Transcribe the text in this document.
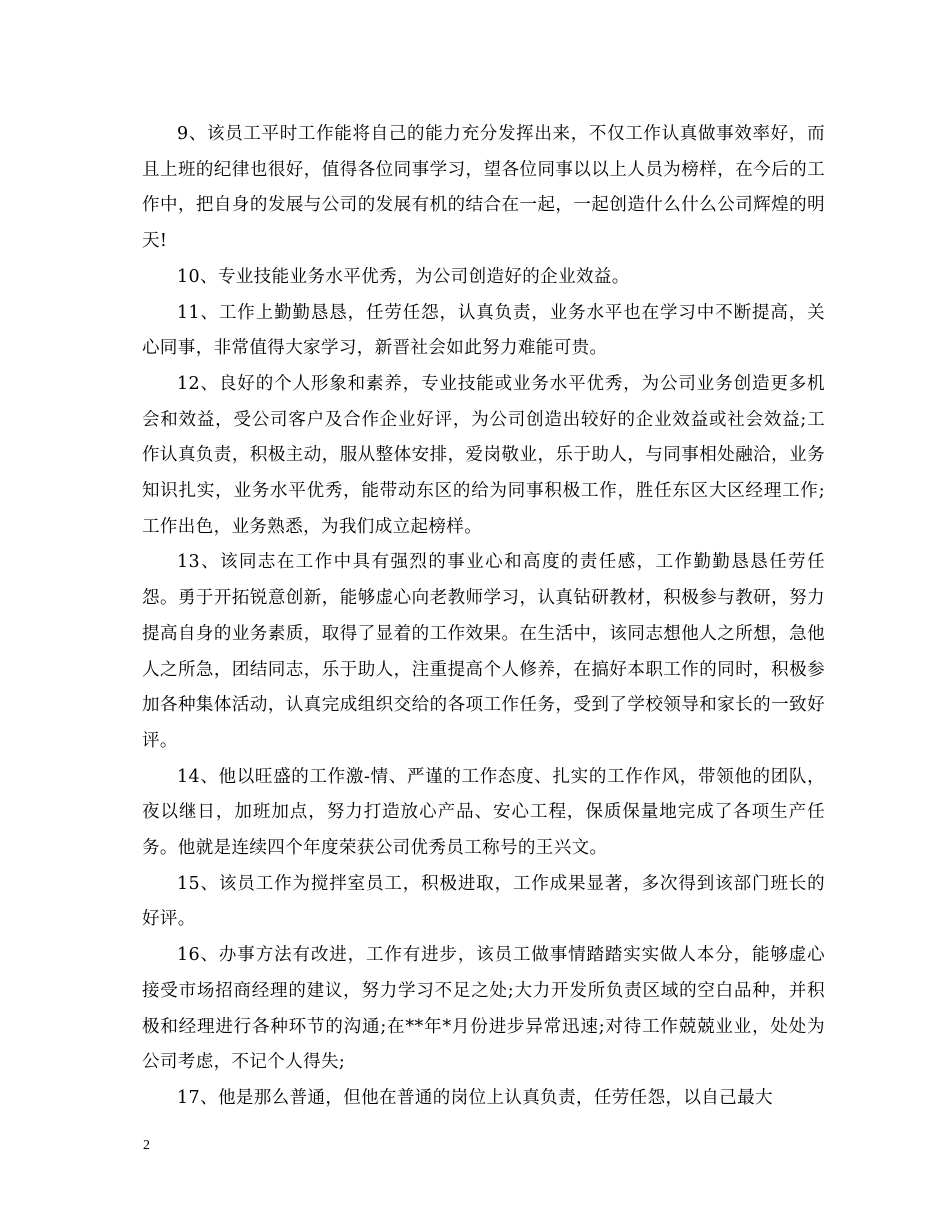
9、该员工平时工作能将自己的能力充分发挥出来，不仅工作认真做事效率好，而且上班的纪律也很好，值得各位同事学习，望各位同事以以上人员为榜样，在今后的工作中，把自身的发展与公司的发展有机的结合在一起，一起创造什么什么公司辉煌的明天!

10、专业技能业务水平优秀，为公司创造好的企业效益。

11、工作上勤勤恳恳，任劳任怨，认真负责，业务水平也在学习中不断提高，关心同事，非常值得大家学习，新晋社会如此努力难能可贵。

12、良好的个人形象和素养，专业技能或业务水平优秀，为公司业务创造更多机会和效益，受公司客户及合作企业好评，为公司创造出较好的企业效益或社会效益;工作认真负责，积极主动，服从整体安排，爱岗敬业，乐于助人，与同事相处融洽，业务知识扎实，业务水平优秀，能带动东区的给为同事积极工作，胜任东区大区经理工作;工作出色，业务熟悉，为我们成立起榜样。

13、该同志在工作中具有强烈的事业心和高度的责任感，工作勤勤恳恳任劳任怨。勇于开拓锐意创新，能够虚心向老教师学习，认真钻研教材，积极参与教研，努力提高自身的业务素质，取得了显着的工作效果。在生活中，该同志想他人之所想，急他人之所急，团结同志，乐于助人，注重提高个人修养，在搞好本职工作的同时，积极参加各种集体活动，认真完成组织交给的各项工作任务，受到了学校领导和家长的一致好评。

14、他以旺盛的工作激-情、严谨的工作态度、扎实的工作作风，带领他的团队，夜以继日，加班加点，努力打造放心产品、安心工程，保质保量地完成了各项生产任务。他就是连续四个年度荣获公司优秀员工称号的王兴文。

15、该员工作为搅拌室员工，积极进取，工作成果显著，多次得到该部门班长的好评。

16、办事方法有改进，工作有进步，该员工做事情踏踏实实做人本分，能够虚心接受市场招商经理的建议，努力学习不足之处;大力开发所负责区域的空白品种，并积极和经理进行各种环节的沟通;在**年*月份进步异常迅速;对待工作兢兢业业，处处为公司考虑，不记个人得失;

17、他是那么普通，但他在普通的岗位上认真负责，任劳任怨，以自己最大

2
